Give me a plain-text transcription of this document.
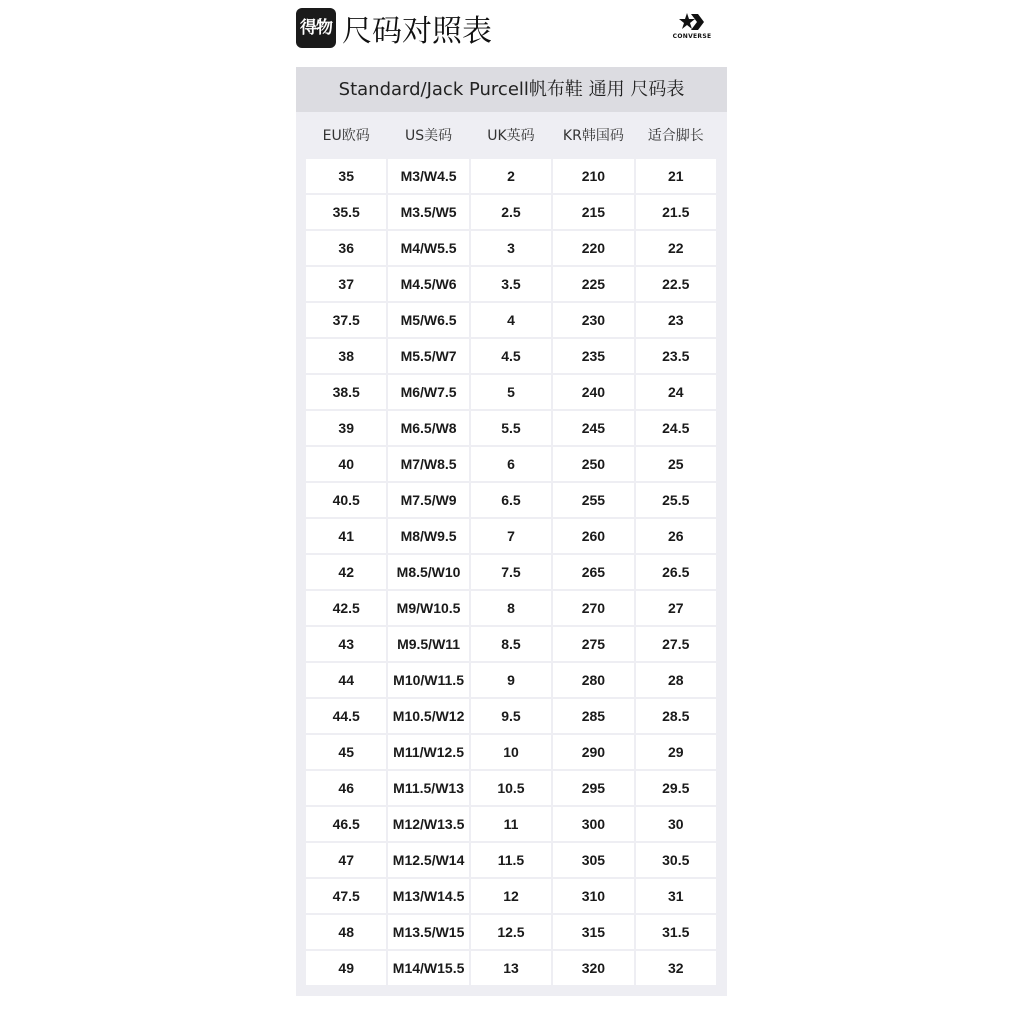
得物 尺码对照表	CONVERSE
Standard/Jack Purcell帆布鞋 通用 尺码表
EU欧码	US美码	UK英码	KR韩国码	适合脚长
35	M3/W4.5	2	210	21
35.5	M3.5/W5	2.5	215	21.5
36	M4/W5.5	3	220	22
37	M4.5/W6	3.5	225	22.5
37.5	M5/W6.5	4	230	23
38	M5.5/W7	4.5	235	23.5
38.5	M6/W7.5	5	240	24
39	M6.5/W8	5.5	245	24.5
40	M7/W8.5	6	250	25
40.5	M7.5/W9	6.5	255	25.5
41	M8/W9.5	7	260	26
42	M8.5/W10	7.5	265	26.5
42.5	M9/W10.5	8	270	27
43	M9.5/W11	8.5	275	27.5
44	M10/W11.5	9	280	28
44.5	M10.5/W12	9.5	285	28.5
45	M11/W12.5	10	290	29
46	M11.5/W13	10.5	295	29.5
46.5	M12/W13.5	11	300	30
47	M12.5/W14	11.5	305	30.5
47.5	M13/W14.5	12	310	31
48	M13.5/W15	12.5	315	31.5
49	M14/W15.5	13	320	32
